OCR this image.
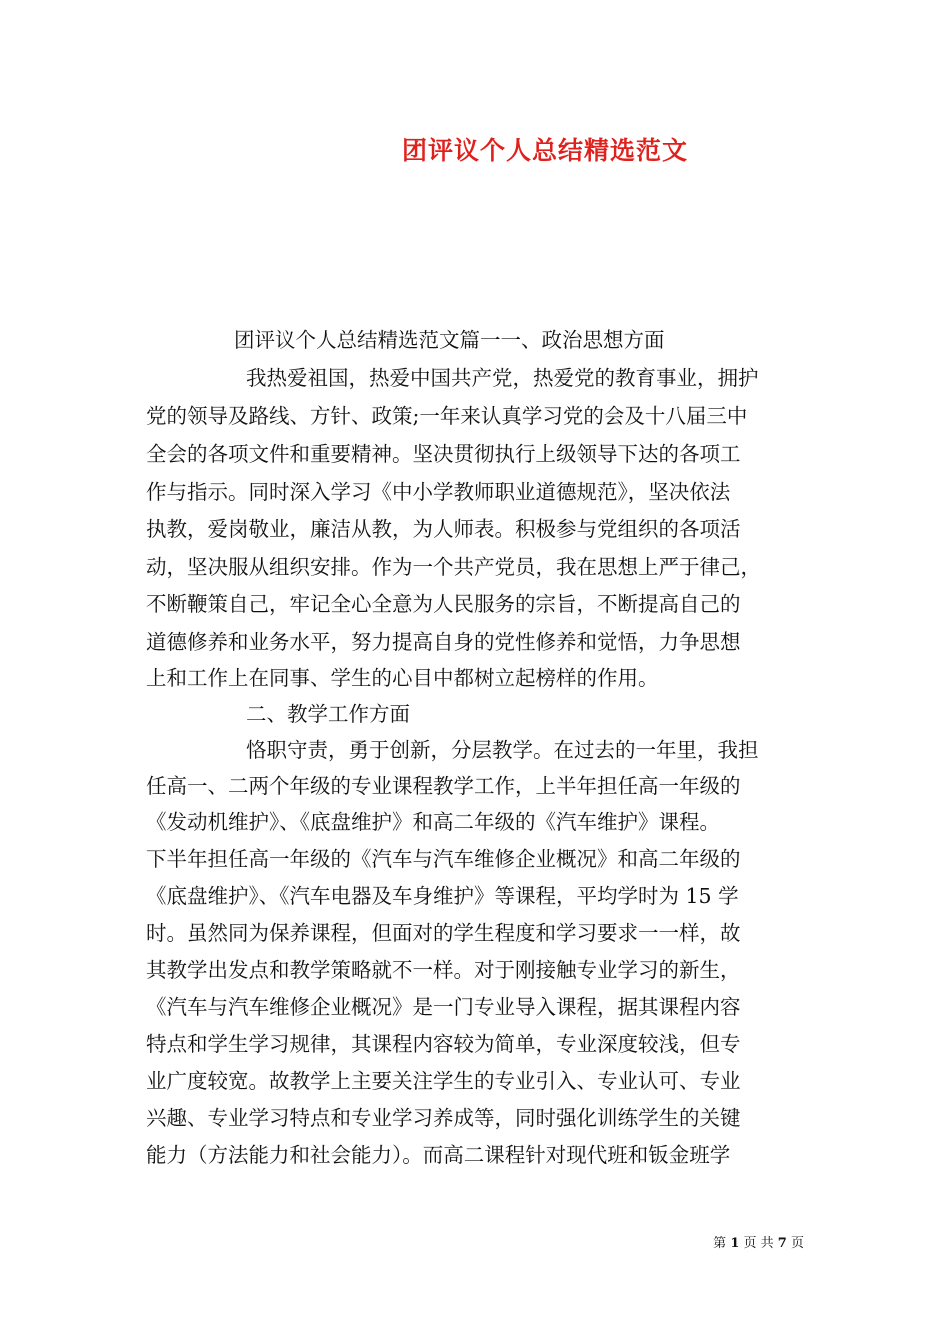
团评议个人总结精选范文
团评议个人总结精选范文篇一一、政治思想方面
我热爱祖国，热爱中国共产党，热爱党的教育事业，拥护
党的领导及路线、方针、政策;一年来认真学习党的会及十八届三中
全会的各项文件和重要精神。坚决贯彻执行上级领导下达的各项工
作与指示。同时深入学习《中小学教师职业道德规范》，坚决依法
执教，爱岗敬业，廉洁从教，为人师表。积极参与党组织的各项活
动，坚决服从组织安排。作为一个共产党员，我在思想上严于律己，
不断鞭策自己，牢记全心全意为人民服务的宗旨，不断提高自己的
道德修养和业务水平，努力提高自身的党性修养和觉悟，力争思想
上和工作上在同事、学生的心目中都树立起榜样的作用。
二、教学工作方面
恪职守责，勇于创新，分层教学。在过去的一年里，我担
任高一、二两个年级的专业课程教学工作，上半年担任高一年级的
《发动机维护》、《底盘维护》和高二年级的《汽车维护》课程。
下半年担任高一年级的《汽车与汽车维修企业概况》和高二年级的
《底盘维护》、《汽车电器及车身维护》等课程，平均学时为 15 学
时。虽然同为保养课程，但面对的学生程度和学习要求一一样，故
其教学出发点和教学策略就不一样。对于刚接触专业学习的新生，
《汽车与汽车维修企业概况》是一门专业导入课程，据其课程内容
特点和学生学习规律，其课程内容较为简单，专业深度较浅，但专
业广度较宽。故教学上主要关注学生的专业引入、专业认可、专业
兴趣、专业学习特点和专业学习养成等，同时强化训练学生的关键
能力（方法能力和社会能力）。而高二课程针对现代班和钣金班学
第 1 页 共 7 页
